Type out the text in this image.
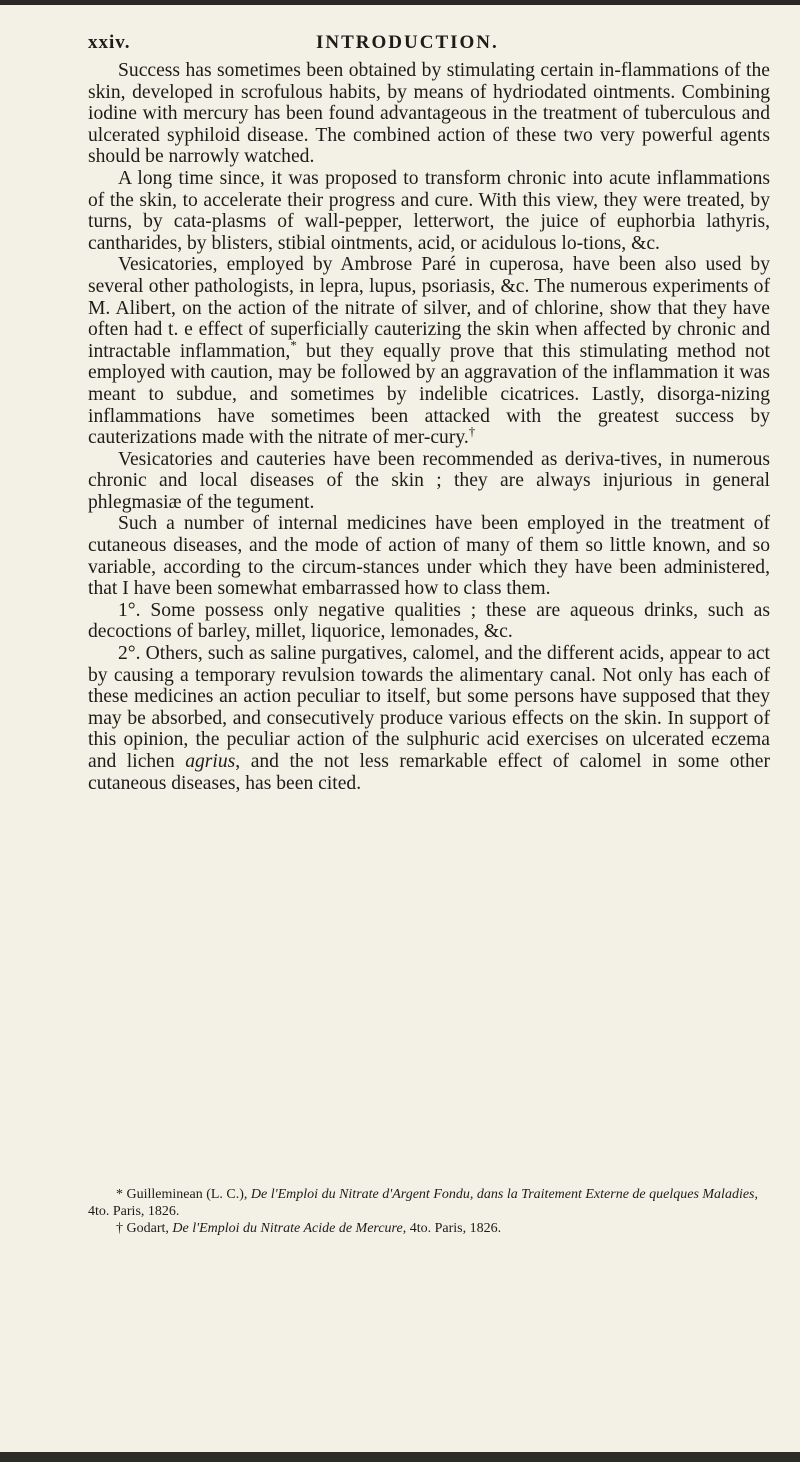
xxiv.	INTRODUCTION.

Success has sometimes been obtained by stimulating certain in-flammations of the skin, developed in scrofulous habits, by means of hydriodated ointments. Combining iodine with mercury has been found advantageous in the treatment of tuberculous and ulcerated syphiloid disease. The combined action of these two very powerful agents should be narrowly watched.

A long time since, it was proposed to transform chronic into acute inflammations of the skin, to accelerate their progress and cure. With this view, they were treated, by turns, by cata-plasms of wall-pepper, letterwort, the juice of euphorbia lathyris, cantharides, by blisters, stibial ointments, acid, or acidulous lo-tions, &c.

Vesicatories, employed by Ambrose Paré in cuperosa, have been also used by several other pathologists, in lepra, lupus, psoriasis, &c. The numerous experiments of M. Alibert, on the action of the nitrate of silver, and of chlorine, show that they have often had t. e effect of superficially cauterizing the skin when affected by chronic and intractable inflammation,* but they equally prove that this stimulating method not employed with caution, may be followed by an aggravation of the inflammation it was meant to subdue, and sometimes by indelible cicatrices. Lastly, disorga-nizing inflammations have sometimes been attacked with the greatest success by cauterizations made with the nitrate of mer-cury.†

Vesicatories and cauteries have been recommended as deriva-tives, in numerous chronic and local diseases of the skin ; they are always injurious in general phlegmasiæ of the tegument.

Such a number of internal medicines have been employed in the treatment of cutaneous diseases, and the mode of action of many of them so little known, and so variable, according to the circum-stances under which they have been administered, that I have been somewhat embarrassed how to class them.

1°. Some possess only negative qualities ; these are aqueous drinks, such as decoctions of barley, millet, liquorice, lemonades, &c.

2°. Others, such as saline purgatives, calomel, and the different acids, appear to act by causing a temporary revulsion towards the alimentary canal. Not only has each of these medicines an action peculiar to itself, but some persons have supposed that they may be absorbed, and consecutively produce various effects on the skin. In support of this opinion, the peculiar action of the sulphuric acid exercises on ulcerated eczema and lichen agrius, and the not less remarkable effect of calomel in some other cutaneous diseases, has been cited.

* Guilleminean (L. C.), De l'Emploi du Nitrate d'Argent Fondu, dans la Traitement Externe de quelques Maladies, 4to. Paris, 1826.

† Godart, De l'Emploi du Nitrate Acide de Mercure, 4to. Paris, 1826.
